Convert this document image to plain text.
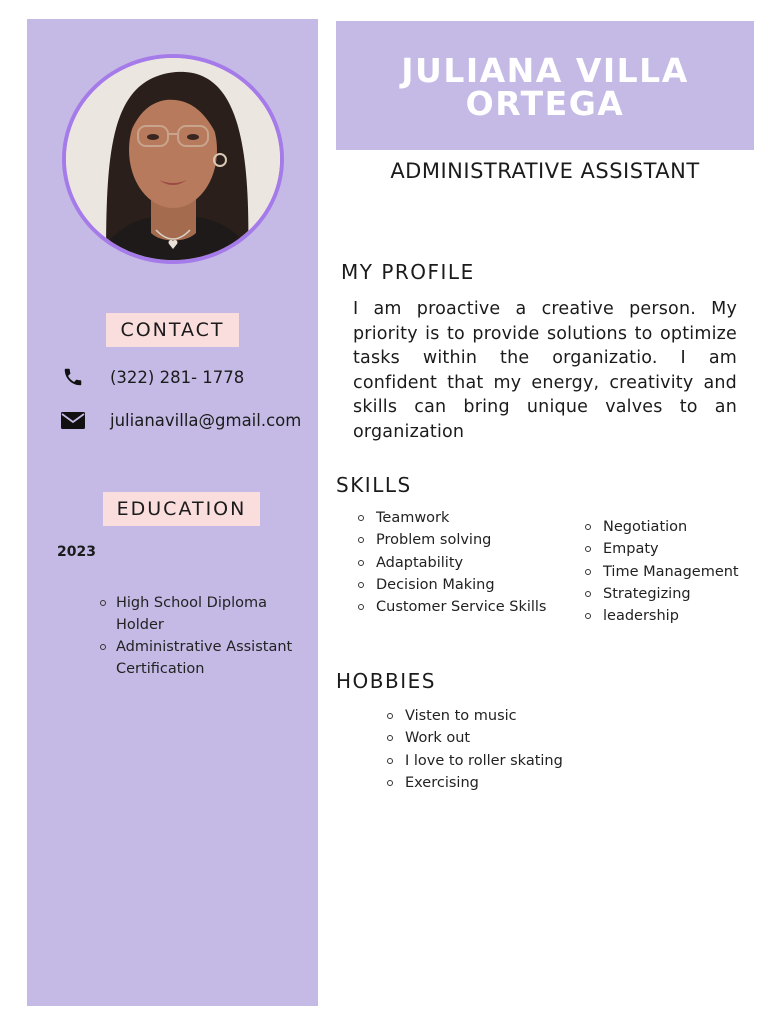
CONTACT
(322) 281- 1778
julianavilla@gmail.com
EDUCATION
2023
High School Diploma Holder
Administrative Assistant Certification
JULIANA VILLA
ORTEGA
ADMINISTRATIVE ASSISTANT
MY PROFILE

I am proactive a creative person. My priority is to provide solutions to optimize tasks within the organizatio. I am confident that my energy, creativity and skills can bring unique valves to an organization

SKILLS
Teamwork
Problem solving
Adaptability
Decision Making
Customer Service Skills
Negotiation
Empaty
Time Management
Strategizing
leadership
HOBBIES
Visten to music
Work out
I love to roller skating
Exercising
